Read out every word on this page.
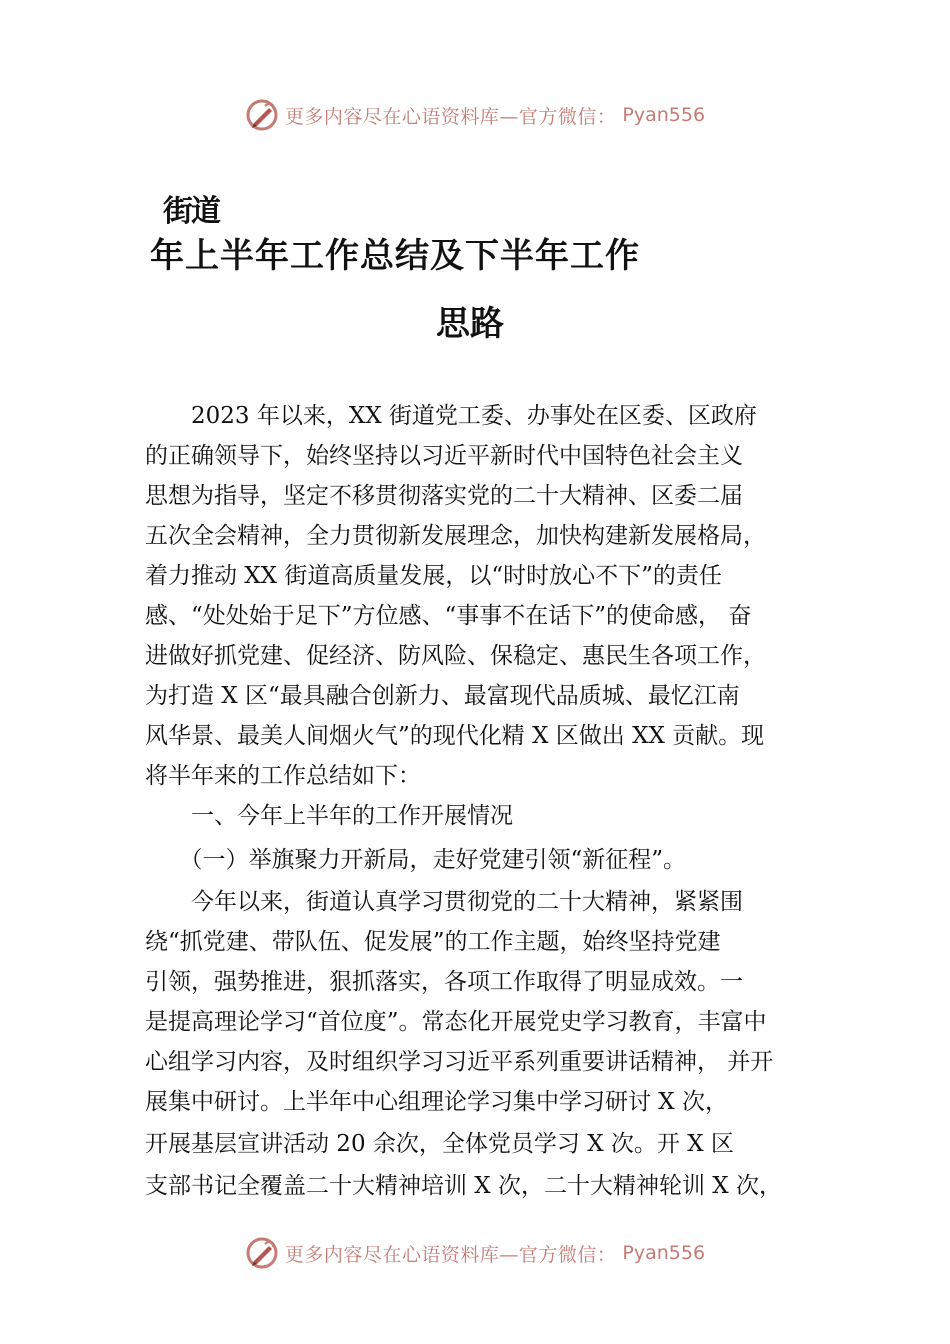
更多内容尽在心语资料库—官方微信： Pyan556
街道
年上半年工作总结及下半年工作
思路
　　2023 年以来，XX 街道党工委、办事处在区委、区政府
的正确领导下，始终坚持以习近平新时代中国特色社会主义
思想为指导，坚定不移贯彻落实党的二十大精神、区委二届
五次全会精神，全力贯彻新发展理念，加快构建新发展格局，
着力推动 XX 街道高质量发展，以“时时放心不下”的责任
感、“处处始于足下”方位感、“事事不在话下”的使命感， 奋
进做好抓党建、促经济、防风险、保稳定、惠民生各项工作，
为打造 X 区“最具融合创新力、最富现代品质城、最忆江南
风华景、最美人间烟火气”的现代化精 X 区做出 XX 贡献。现
将半年来的工作总结如下：
　　一、今年上半年的工作开展情况
　　（一）举旗聚力开新局，走好党建引领“新征程”。
　　今年以来，街道认真学习贯彻党的二十大精神，紧紧围
绕“抓党建、带队伍、促发展”的工作主题，始终坚持党建
引领，强势推进，狠抓落实，各项工作取得了明显成效。一
是提高理论学习“首位度”。常态化开展党史学习教育，丰富中
心组学习内容，及时组织学习习近平系列重要讲话精神， 并开
展集中研讨。上半年中心组理论学习集中学习研讨 X 次，
开展基层宣讲活动 20 余次，全体党员学习 X 次。开 X 区
支部书记全覆盖二十大精神培训 X 次，二十大精神轮训 X 次，
更多内容尽在心语资料库—官方微信： Pyan556
